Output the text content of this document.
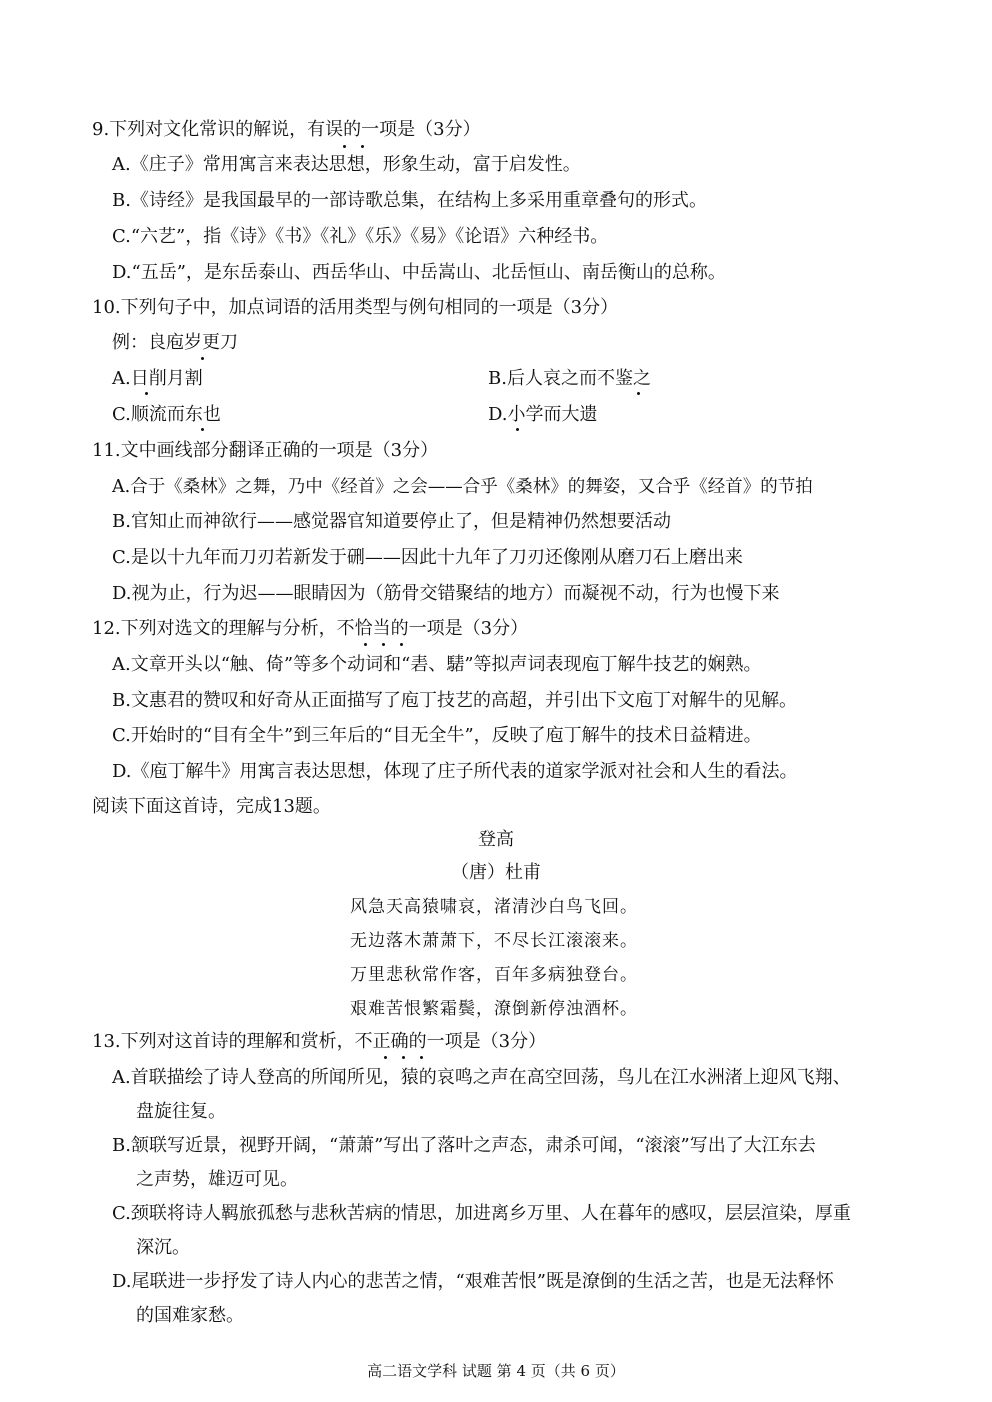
9.下列对文化常识的解说，有误的一项是（3分）
A.《庄子》常用寓言来表达思想，形象生动，富于启发性。
B.《诗经》是我国最早的一部诗歌总集，在结构上多采用重章叠句的形式。
C.“六艺”，指《诗》《书》《礼》《乐》《易》《论语》六种经书。
D.“五岳”，是东岳泰山、西岳华山、中岳嵩山、北岳恒山、南岳衡山的总称。
10.下列句子中，加点词语的活用类型与例句相同的一项是（3分）
例：良庖岁更刀
A.日削月割	B.后人哀之而不鉴之
C.顺流而东也	D.小学而大遗
11.文中画线部分翻译正确的一项是（3分）
A.合于《桑林》之舞，乃中《经首》之会——合乎《桑林》的舞姿，又合乎《经首》的节拍
B.官知止而神欲行——感觉器官知道要停止了，但是精神仍然想要活动
C.是以十九年而刀刃若新发于硎——因此十九年了刀刃还像刚从磨刀石上磨出来
D.视为止，行为迟——眼睛因为（筋骨交错聚结的地方）而凝视不动，行为也慢下来
12.下列对选文的理解与分析，不恰当的一项是（3分）
A.文章开头以“触、倚”等多个动词和“砉、騞”等拟声词表现庖丁解牛技艺的娴熟。
B.文惠君的赞叹和好奇从正面描写了庖丁技艺的高超，并引出下文庖丁对解牛的见解。
C.开始时的“目有全牛”到三年后的“目无全牛”，反映了庖丁解牛的技术日益精进。
D.《庖丁解牛》用寓言表达思想，体现了庄子所代表的道家学派对社会和人生的看法。
阅读下面这首诗，完成13题。
登高
（唐）杜甫
风急天高猿啸哀，渚清沙白鸟飞回。
无边落木萧萧下，不尽长江滚滚来。
万里悲秋常作客，百年多病独登台。
艰难苦恨繁霜鬓，潦倒新停浊酒杯。
13.下列对这首诗的理解和赏析，不正确的一项是（3分）
A.首联描绘了诗人登高的所闻所见，猿的哀鸣之声在高空回荡，鸟儿在江水洲渚上迎风飞翔、
盘旋往复。
B.颔联写近景，视野开阔，“萧萧”写出了落叶之声态，肃杀可闻，“滚滚”写出了大江东去
之声势，雄迈可见。
C.颈联将诗人羁旅孤愁与悲秋苦病的情思，加进离乡万里、人在暮年的感叹，层层渲染，厚重
深沉。
D.尾联进一步抒发了诗人内心的悲苦之情，“艰难苦恨”既是潦倒的生活之苦，也是无法释怀
的国难家愁。
高二语文学科 试题 第 4 页（共 6 页）
